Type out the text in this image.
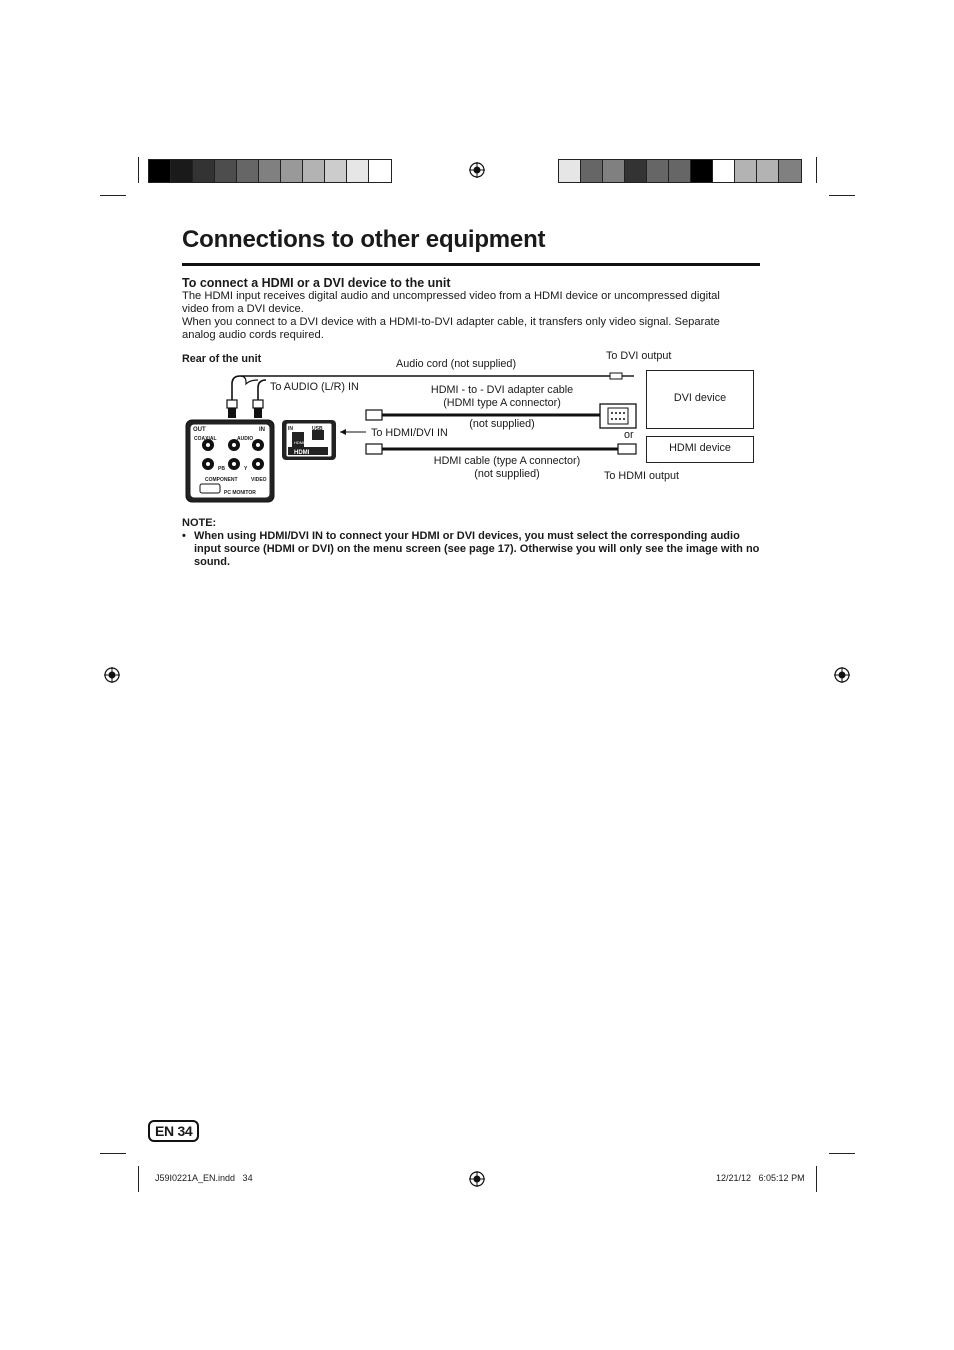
Connections to other equipment
To connect a HDMI or a DVI device to the unit
The HDMI input receives digital audio and uncompressed video from a HDMI device or uncompressed digital
video from a DVI device.
When you connect to a DVI device with a HDMI-to-DVI adapter cable, it transfers only video signal. Separate
analog audio cords required.
Rear of the unit
OUT
COAXIAL	AUDIO
IN
PB	Y
COMPONENT	VIDEO
PC MONITOR
IN	USB
HDMI DVI
HDMI
Audio cord (not supplied)
To DVI output
To AUDIO (L/R) IN	HDMI - to - DVI adapter cable
(HDMI type A connector)
(not supplied)
To HDMI/DVI IN	or
HDMI cable (type A connector)
(not supplied)	To HDMI output
DVI device
HDMI device
NOTE:
• When using HDMI/DVI IN to connect your HDMI or DVI devices, you must select the corresponding audio input source (HDMI or DVI) on the menu screen (see page 17). Otherwise you will only see the image with no sound.
EN 34
J59I0221A_EN.indd   34	12/21/12   6:05:12 PM
